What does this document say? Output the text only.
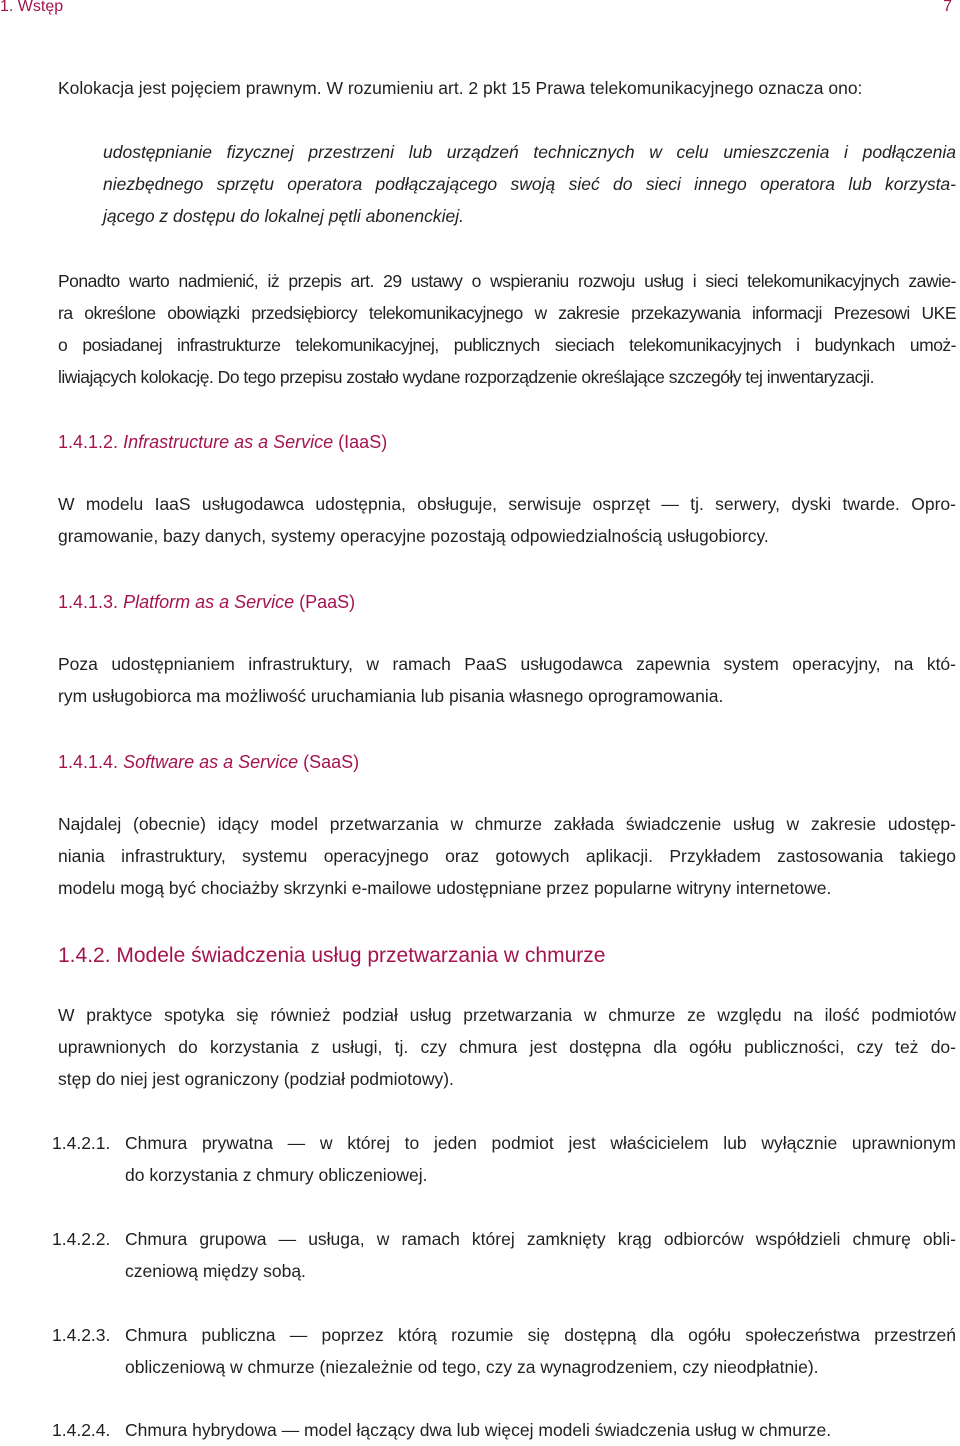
1. Wstęp	7
Kolokacja jest pojęciem prawnym. W rozumieniu art. 2 pkt 15 Prawa telekomunikacyjnego oznacza ono:
udostępnianie fizycznej przestrzeni lub urządzeń technicznych w celu umieszczenia i podłączenia
niezbędnego sprzętu operatora podłączającego swoją sieć do sieci innego operatora lub korzysta-
jącego z dostępu do lokalnej pętli abonenckiej.
Ponadto warto nadmienić, iż przepis art. 29 ustawy o wspieraniu rozwoju usług i sieci telekomunikacyjnych zawie-
ra określone obowiązki przedsiębiorcy telekomunikacyjnego w zakresie przekazywania informacji Prezesowi UKE
o posiadanej infrastrukturze telekomunikacyjnej, publicznych sieciach telekomunikacyjnych i budynkach umoż-
liwiających kolokację. Do tego przepisu zostało wydane rozporządzenie określające szczegóły tej inwentaryzacji.
1.4.1.2. Infrastructure as a Service (IaaS)
W modelu IaaS usługodawca udostępnia, obsługuje, serwisuje osprzęt — tj. serwery, dyski twarde. Opro-
gramowanie, bazy danych, systemy operacyjne pozostają odpowiedzialnością usługobiorcy.
1.4.1.3. Platform as a Service (PaaS)
Poza udostępnianiem infrastruktury, w ramach PaaS usługodawca zapewnia system operacyjny, na któ-
rym usługobiorca ma możliwość uruchamiania lub pisania własnego oprogramowania.
1.4.1.4. Software as a Service (SaaS)
Najdalej (obecnie) idący model przetwarzania w chmurze zakłada świadczenie usług w zakresie udostęp-
niania infrastruktury, systemu operacyjnego oraz gotowych aplikacji. Przykładem zastosowania takiego
modelu mogą być chociażby skrzynki e-mailowe udostępniane przez popularne witryny internetowe.
1.4.2. Modele świadczenia usług przetwarzania w chmurze
W praktyce spotyka się również podział usług przetwarzania w chmurze ze względu na ilość podmiotów
uprawnionych do korzystania z usługi, tj. czy chmura jest dostępna dla ogółu publiczności, czy też do-
stęp do niej jest ograniczony (podział podmiotowy).
1.4.2.1. Chmura prywatna — w której to jeden podmiot jest właścicielem lub wyłącznie uprawnionym
do korzystania z chmury obliczeniowej.
1.4.2.2. Chmura grupowa — usługa, w ramach której zamknięty krąg odbiorców współdzieli chmurę obli-
czeniową między sobą.
1.4.2.3. Chmura publiczna — poprzez którą rozumie się dostępną dla ogółu społeczeństwa przestrzeń
obliczeniową w chmurze (niezależnie od tego, czy za wynagrodzeniem, czy nieodpłatnie).
1.4.2.4. Chmura hybrydowa — model łączący dwa lub więcej modeli świadczenia usług w chmurze.
